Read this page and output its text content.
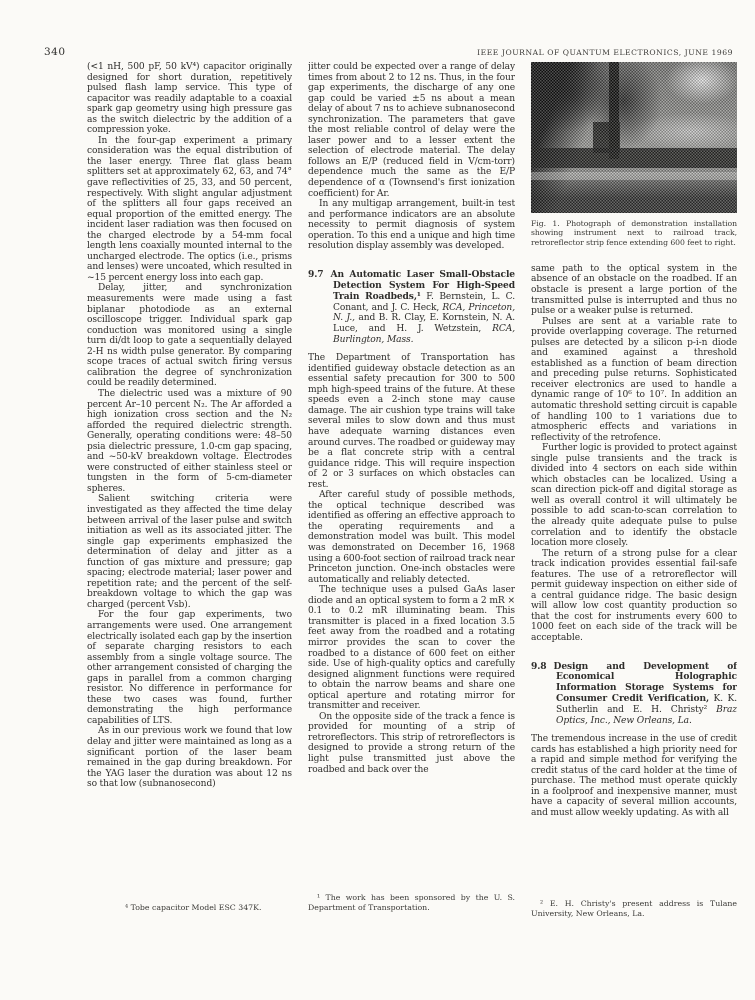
340	IEEE JOURNAL OF QUANTUM ELECTRONICS, JUNE 1969

(<1 nH, 500 pF, 50 kV⁴) capacitor originally designed for short duration, repetitively pulsed flash lamp service. This type of capacitor was readily adaptable to a coaxial spark gap geometry using high pressure gas as the switch dielectric by the addition of a compression yoke.

In the four-gap experiment a primary consideration was the equal distribution of the laser energy. Three flat glass beam splitters set at approximately 62, 63, and 74° gave reflectivities of 25, 33, and 50 percent, respectively. With slight angular adjustment of the splitters all four gaps received an equal proportion of the emitted energy. The incident laser radiation was then focused on the charged electrode by a 54-mm focal length lens coaxially mounted internal to the uncharged electrode. The optics (i.e., prisms and lenses) were uncoated, which resulted in ~15 percent energy loss into each gap.

Delay, jitter, and synchronization measurements were made using a fast biplanar photodiode as an external oscilloscope trigger. Individual spark gap conduction was monitored using a single turn di/dt loop to gate a sequentially delayed 2-H ns width pulse generator. By comparing scope traces of actual switch firing versus calibration the degree of synchronization could be readily determined.

The dielectric used was a mixture of 90 percent Ar–10 percent N₂. The Ar afforded a high ionization cross section and the N₂ afforded the required dielectric strength. Generally, operating conditions were: 48–50 psia dielectric pressure, 1.0-cm gap spacing, and ~50-kV breakdown voltage. Electrodes were constructed of either stainless steel or tungsten in the form of 5-cm-diameter spheres.

Salient switching criteria were investigated as they affected the time delay between arrival of the laser pulse and switch initiation as well as its associated jitter. The single gap experiments emphasized the determination of delay and jitter as a function of gas mixture and pressure; gap spacing; electrode material; laser power and repetition rate; and the percent of the self-breakdown voltage to which the gap was charged (percent Vsb).

For the four gap experiments, two arrangements were used. One arrangement electrically isolated each gap by the insertion of separate charging resistors to each assembly from a single voltage source. The other arrangement consisted of charging the gaps in parallel from a common charging resistor. No difference in performance for these two cases was found, further demonstrating the high performance capabilities of LTS.

As in our previous work we found that low delay and jitter were maintained as long as a significant portion of the laser beam remained in the gap during breakdown. For the YAG laser the duration was about 12 ns so that low (subnanosecond)

⁴ Tobe capacitor Model ESC 347K.

jitter could be expected over a range of delay times from about 2 to 12 ns. Thus, in the four gap experiments, the discharge of any one gap could be varied ±5 ns about a mean delay of about 7 ns to achieve subnanosecond synchronization. The parameters that gave the most reliable control of delay were the laser power and to a lesser extent the selection of electrode material. The delay follows an E/P (reduced field in V/cm-torr) dependence much the same as the E/P dependence of α (Townsend's first ionization coefficient) for Ar.

In any multigap arrangement, built-in test and performance indicators are an absolute necessity to permit diagnosis of system operation. To this end a unique and high time resolution display assembly was developed.

9.7 An Automatic Laser Small-Obstacle Detection System For High-Speed Train Roadbeds,¹ F. Bernstein, L. C. Conant, and J. C. Heck, RCA, Princeton, N. J., and B. R. Clay, E. Kornstein, N. A. Luce, and H. J. Wetzstein, RCA, Burlington, Mass.

The Department of Transportation has identified guideway obstacle detection as an essential safety precaution for 300 to 500 mph high-speed trains of the future. At these speeds even a 2-inch stone may cause damage. The air cushion type trains will take several miles to slow down and thus must have adequate warning distances even around curves. The roadbed or guideway may be a flat concrete strip with a central guidance ridge. This will require inspection of 2 or 3 surfaces on which obstacles can rest.

After careful study of possible methods, the optical technique described was identified as offering an effective approach to the operating requirements and a demonstration model was built. This model was demonstrated on December 16, 1968 using a 600-foot section of railroad track near Princeton junction. One-inch obstacles were automatically and reliably detected.

The technique uses a pulsed GaAs laser diode and an optical system to form a 2 mR × 0.1 to 0.2 mR illuminating beam. This transmitter is placed in a fixed location 3.5 feet away from the roadbed and a rotating mirror provides the scan to cover the roadbed to a distance of 600 feet on either side. Use of high-quality optics and carefully designed alignment functions were required to obtain the narrow beams and share one optical aperture and rotating mirror for transmitter and receiver.

On the opposite side of the track a fence is provided for mounting of a strip of retroreflectors. This strip of retroreflectors is designed to provide a strong return of the light pulse transmitted just above the roadbed and back over the

¹ The work has been sponsored by the U. S. Department of Transportation.
Fig. 1. Photograph of demonstration installation showing instrument next to railroad track, retroreflector strip fence extending 600 feet to right.

same path to the optical system in the absence of an obstacle on the roadbed. If an obstacle is present a large portion of the transmitted pulse is interrupted and thus no pulse or a weaker pulse is returned.

Pulses are sent at a variable rate to provide overlapping coverage. The returned pulses are detected by a silicon p-i-n diode and examined against a threshold established as a function of beam direction and preceding pulse returns. Sophisticated receiver electronics are used to handle a dynamic range of 10⁶ to 10⁷. In addition an automatic threshold setting circuit is capable of handling 100 to 1 variations due to atmospheric effects and variations in reflectivity of the retrofence.

Further logic is provided to protect against single pulse transients and the track is divided into 4 sectors on each side within which obstacles can be localized. Using a scan direction pick-off and digital storage as well as overall control it will ultimately be possible to add scan-to-scan correlation to the already quite adequate pulse to pulse correlation and to identify the obstacle location more closely.

The return of a strong pulse for a clear track indication provides essential fail-safe features. The use of a retroreflector will permit guideway inspection on either side of a central guidance ridge. The basic design will allow low cost quantity production so that the cost for instruments every 600 to 1000 feet on each side of the track will be acceptable.

9.8 Design and Development of Economical Holographic Information Storage Systems for Consumer Credit Verification, K. K. Sutherlin and E. H. Christy² Braz Optics, Inc., New Orleans, La.

The tremendous increase in the use of credit cards has established a high priority need for a rapid and simple method for verifying the credit status of the card holder at the time of purchase. The method must operate quickly in a foolproof and inexpensive manner, must have a capacity of several million accounts, and must allow weekly updating. As with all

² E. H. Christy's present address is Tulane University, New Orleans, La.
